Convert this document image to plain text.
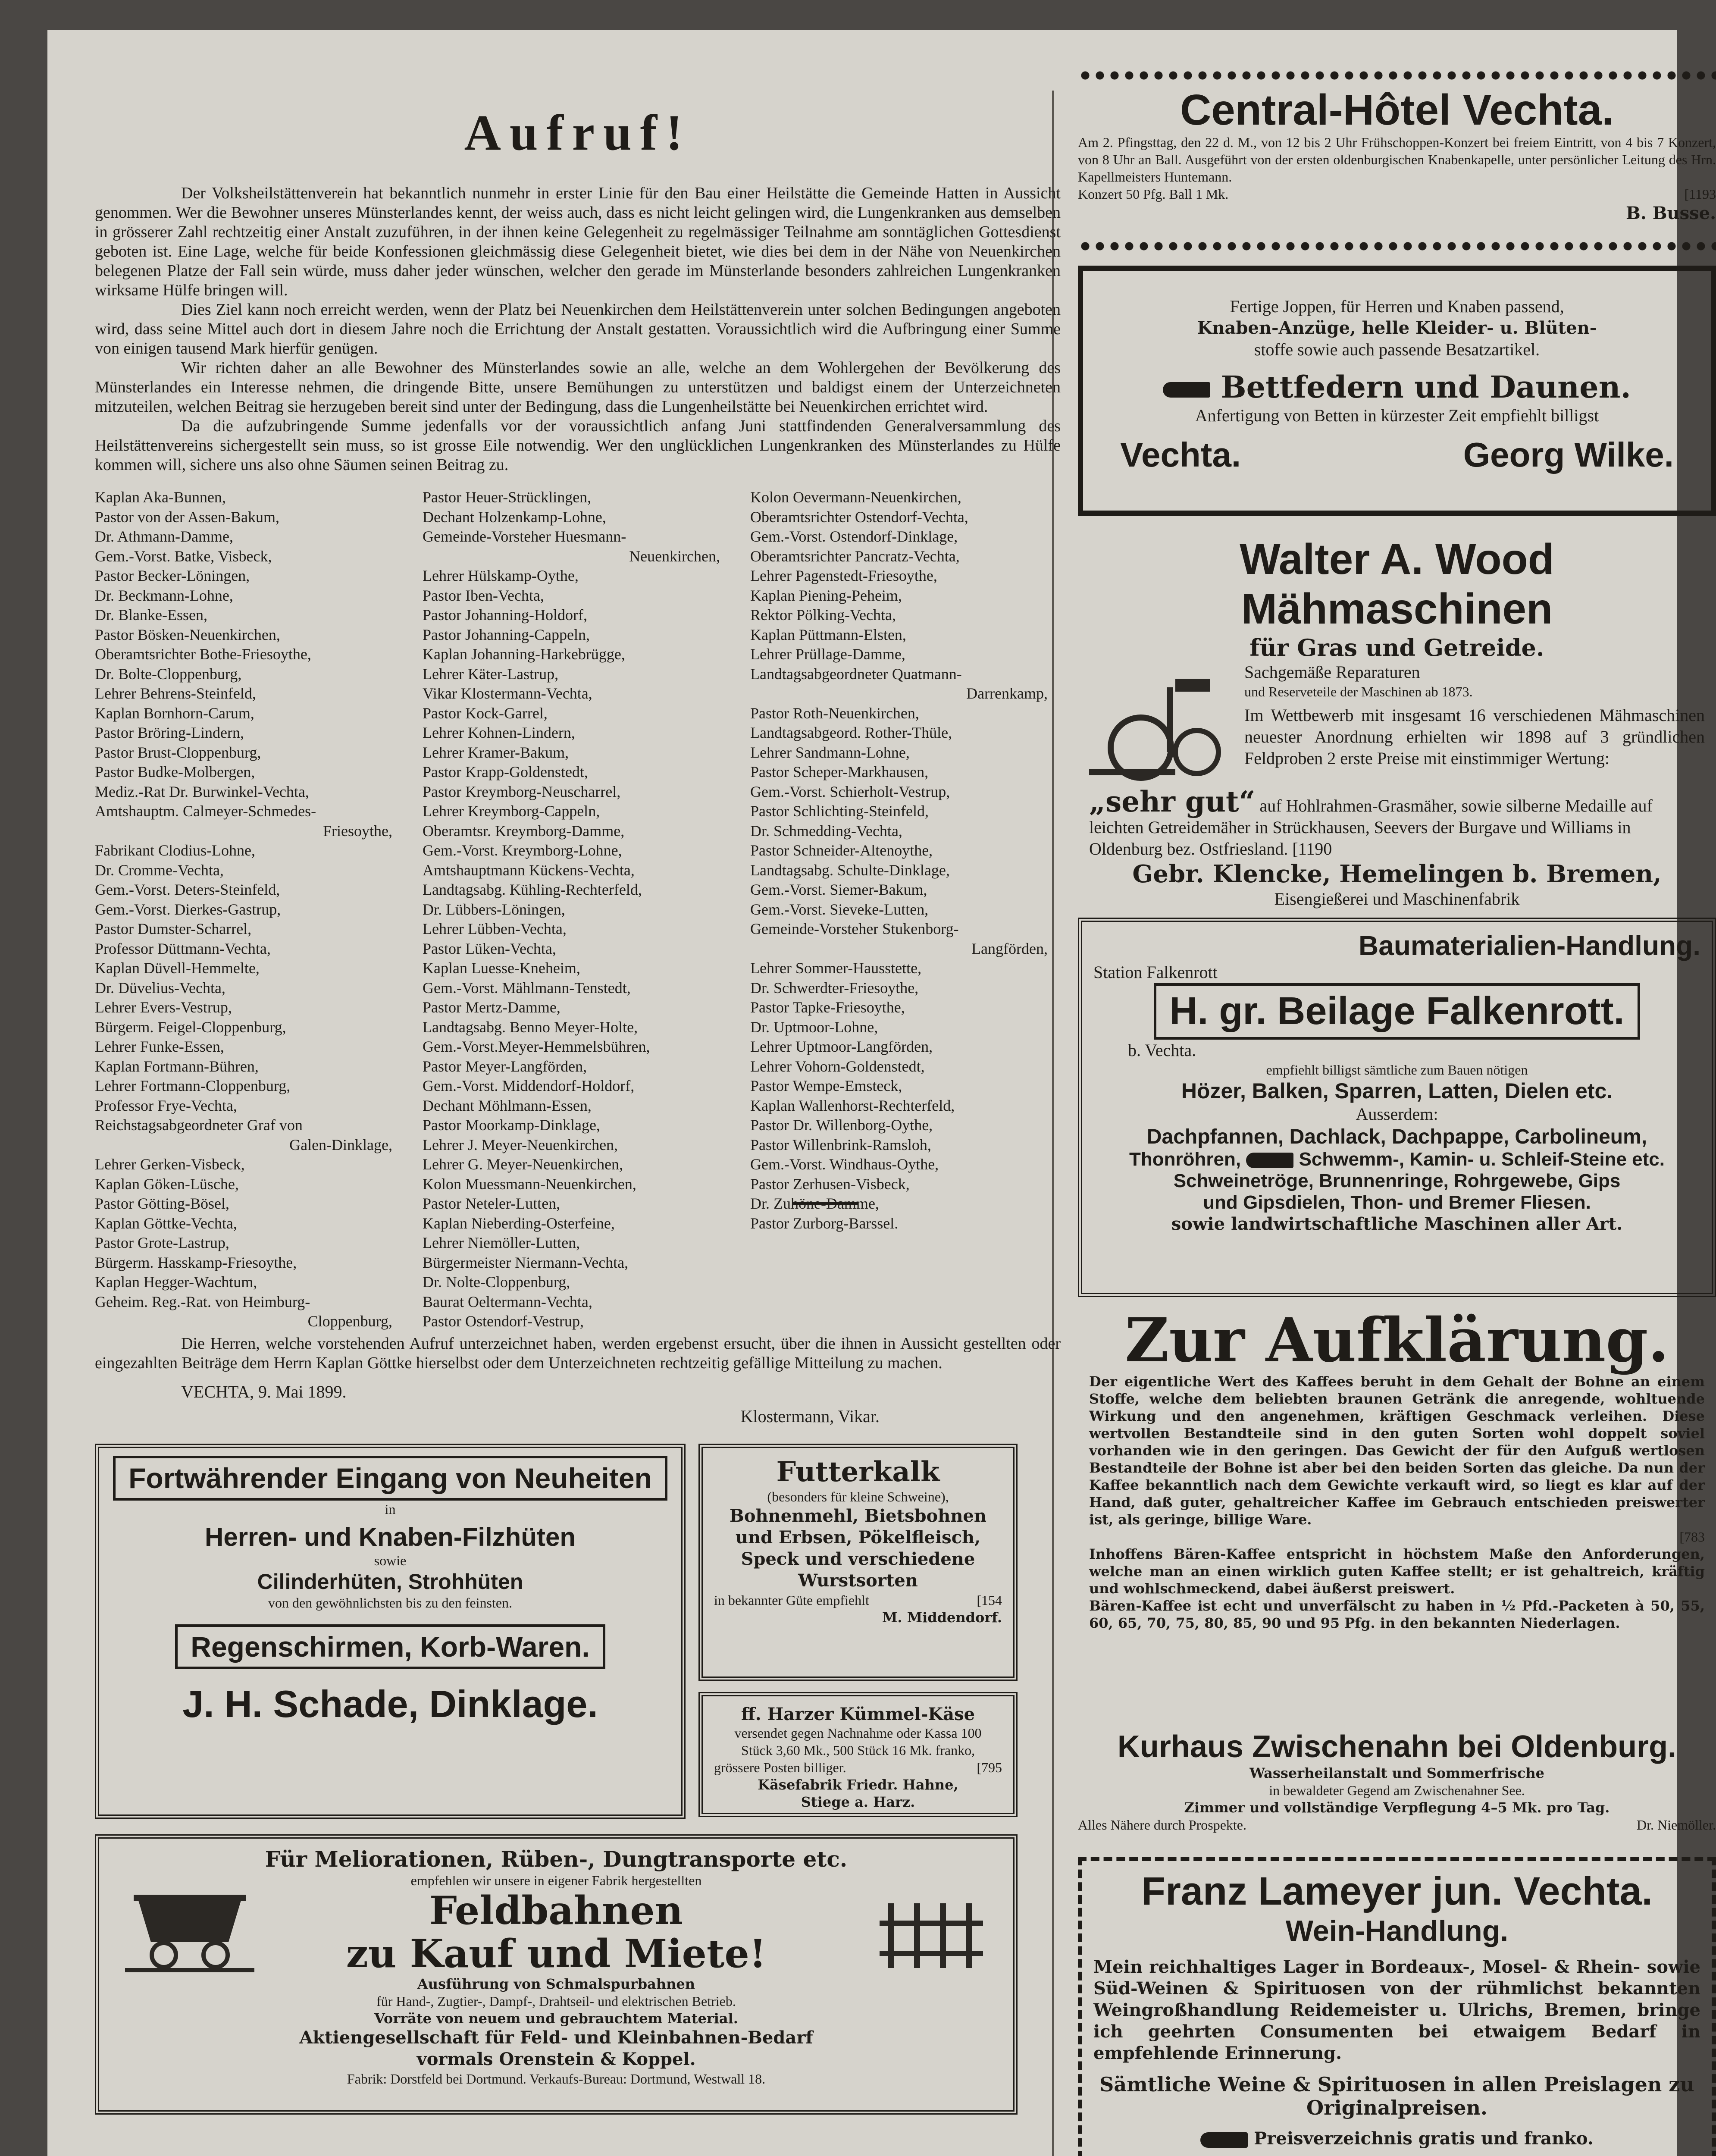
Aufruf!

Der Volksheilstättenverein hat bekanntlich nunmehr in erster Linie für den Bau einer Heilstätte die Gemeinde Hatten in Aussicht genommen. Wer die Bewohner unseres Münsterlandes kennt, der weiss auch, dass es nicht leicht gelingen wird, die Lungenkranken aus demselben in grösserer Zahl rechtzeitig einer Anstalt zuzuführen, in der ihnen keine Gelegenheit zu regelmässiger Teilnahme am sonntäglichen Gottesdienst geboten ist. Eine Lage, welche für beide Konfessionen gleichmässig diese Gelegenheit bietet, wie dies bei dem in der Nähe von Neuenkirchen belegenen Platze der Fall sein würde, muss daher jeder wünschen, welcher den gerade im Münsterlande besonders zahlreichen Lungenkranken wirksame Hülfe bringen will.

Dies Ziel kann noch erreicht werden, wenn der Platz bei Neuenkirchen dem Heilstättenverein unter solchen Bedingungen angeboten wird, dass seine Mittel auch dort in diesem Jahre noch die Errichtung der Anstalt gestatten. Voraussichtlich wird die Aufbringung einer Summe von einigen tausend Mark hierfür genügen.

Wir richten daher an alle Bewohner des Münsterlandes sowie an alle, welche an dem Wohlergehen der Bevölkerung des Münsterlandes ein Interesse nehmen, die dringende Bitte, unsere Bemühungen zu unterstützen und baldigst einem der Unterzeichneten mitzuteilen, welchen Beitrag sie herzugeben bereit sind unter der Bedingung, dass die Lungenheilstätte bei Neuenkirchen errichtet wird.

Da die aufzubringende Summe jedenfalls vor der voraussichtlich anfang Juni stattfindenden Generalversammlung des Heilstättenvereins sichergestellt sein muss, so ist grosse Eile notwendig. Wer den unglücklichen Lungenkranken des Münsterlandes zu Hülfe kommen will, sichere uns also ohne Säumen seinen Beitrag zu.

Kaplan Aka-Bunnen,
Pastor von der Assen-Bakum,
Dr. Athmann-Damme,
Gem.-Vorst. Batke, Visbeck,
Pastor Becker-Löningen,
Dr. Beckmann-Lohne,
Dr. Blanke-Essen,
Pastor Bösken-Neuenkirchen,
Oberamtsrichter Bothe-Friesoythe,
Dr. Bolte-Cloppenburg,
Lehrer Behrens-Steinfeld,
Kaplan Bornhorn-Carum,
Pastor Bröring-Lindern,
Pastor Brust-Cloppenburg,
Pastor Budke-Molbergen,
Mediz.-Rat Dr. Burwinkel-Vechta,
Amtshauptm. Calmeyer-Schmedes-
Friesoythe,
Fabrikant Clodius-Lohne,
Dr. Cromme-Vechta,
Gem.-Vorst. Deters-Steinfeld,
Gem.-Vorst. Dierkes-Gastrup,
Pastor Dumster-Scharrel,
Professor Düttmann-Vechta,
Kaplan Düvell-Hemmelte,
Dr. Düvelius-Vechta,
Lehrer Evers-Vestrup,
Bürgerm. Feigel-Cloppenburg,
Lehrer Funke-Essen,
Kaplan Fortmann-Bühren,
Lehrer Fortmann-Cloppenburg,
Professor Frye-Vechta,
Reichstagsabgeordneter Graf von
Galen-Dinklage,
Lehrer Gerken-Visbeck,
Kaplan Göken-Lüsche,
Pastor Götting-Bösel,
Kaplan Göttke-Vechta,
Pastor Grote-Lastrup,
Bürgerm. Hasskamp-Friesoythe,
Kaplan Hegger-Wachtum,
Geheim. Reg.-Rat. von Heimburg-
Cloppenburg,
Pastor Heuer-Strücklingen,
Dechant Holzenkamp-Lohne,
Gemeinde-Vorsteher Huesmann-
Neuenkirchen,
Lehrer Hülskamp-Oythe,
Pastor Iben-Vechta,
Pastor Johanning-Holdorf,
Pastor Johanning-Cappeln,
Kaplan Johanning-Harkebrügge,
Lehrer Käter-Lastrup,
Vikar Klostermann-Vechta,
Pastor Kock-Garrel,
Lehrer Kohnen-Lindern,
Lehrer Kramer-Bakum,
Pastor Krapp-Goldenstedt,
Pastor Kreymborg-Neuscharrel,
Lehrer Kreymborg-Cappeln,
Oberamtsr. Kreymborg-Damme,
Gem.-Vorst. Kreymborg-Lohne,
Amtshauptmann Kückens-Vechta,
Landtagsabg. Kühling-Rechterfeld,
Dr. Lübbers-Löningen,
Lehrer Lübben-Vechta,
Pastor Lüken-Vechta,
Kaplan Luesse-Kneheim,
Gem.-Vorst. Mählmann-Tenstedt,
Pastor Mertz-Damme,
Landtagsabg. Benno Meyer-Holte,
Gem.-Vorst.Meyer-Hemmelsbühren,
Pastor Meyer-Langförden,
Gem.-Vorst. Middendorf-Holdorf,
Dechant Möhlmann-Essen,
Pastor Moorkamp-Dinklage,
Lehrer J. Meyer-Neuenkirchen,
Lehrer G. Meyer-Neuenkirchen,
Kolon Muessmann-Neuenkirchen,
Pastor Neteler-Lutten,
Kaplan Nieberding-Osterfeine,
Lehrer Niemöller-Lutten,
Bürgermeister Niermann-Vechta,
Dr. Nolte-Cloppenburg,
Baurat Oeltermann-Vechta,
Pastor Ostendorf-Vestrup,
Kolon Oevermann-Neuenkirchen,
Oberamtsrichter Ostendorf-Vechta,
Gem.-Vorst. Ostendorf-Dinklage,
Oberamtsrichter Pancratz-Vechta,
Lehrer Pagenstedt-Friesoythe,
Kaplan Piening-Peheim,
Rektor Pölking-Vechta,
Kaplan Püttmann-Elsten,
Lehrer Prüllage-Damme,
Landtagsabgeordneter Quatmann-
Darrenkamp,
Pastor Roth-Neuenkirchen,
Landtagsabgeord. Rother-Thüle,
Lehrer Sandmann-Lohne,
Pastor Scheper-Markhausen,
Gem.-Vorst. Schierholt-Vestrup,
Pastor Schlichting-Steinfeld,
Dr. Schmedding-Vechta,
Pastor Schneider-Altenoythe,
Landtagsabg. Schulte-Dinklage,
Gem.-Vorst. Siemer-Bakum,
Gem.-Vorst. Sieveke-Lutten,
Gemeinde-Vorsteher Stukenborg-
Langförden,
Lehrer Sommer-Hausstette,
Dr. Schwerdter-Friesoythe,
Pastor Tapke-Friesoythe,
Dr. Uptmoor-Lohne,
Lehrer Uptmoor-Langförden,
Lehrer Vohorn-Goldenstedt,
Pastor Wempe-Emsteck,
Kaplan Wallenhorst-Rechterfeld,
Pastor Dr. Willenborg-Oythe,
Pastor Willenbrink-Ramsloh,
Gem.-Vorst. Windhaus-Oythe,
Pastor Zerhusen-Visbeck,
Dr. Zuhöne-Damme,
Pastor Zurborg-Barssel.

Die Herren, welche vorstehenden Aufruf unterzeichnet haben, werden ergebenst ersucht, über die ihnen in Aussicht gestellten oder eingezahlten Beiträge dem Herrn Kaplan Göttke hierselbst oder dem Unterzeichneten rechtzeitig gefällige Mitteilung zu machen.

VECHTA, 9. Mai 1899.
Klostermann, Vikar.
Fortwährender Eingang von Neuheiten
in
Herren- und Knaben-Filzhüten
sowie
Cilinderhüten, Strohhüten
von den gewöhnlichsten bis zu den feinsten.
Regenschirmen, Korb-Waren.
J. H. Schade, Dinklage.
Futterkalk
(besonders für kleine Schweine),
Bohnenmehl, Bietsbohnen
und Erbsen, Pökelfleisch,
Speck und verschiedene
Wurstsorten
in bekannter Güte empfiehlt	[154
M. Middendorf.
ff. Harzer Kümmel-Käse
versendet gegen Nachnahme oder Kassa 100
Stück 3,60 Mk., 500 Stück 16 Mk. franko,
grössere Posten billiger.	[795
Käsefabrik Friedr. Hahne,
Stiege a. Harz.
Für Meliorationen, Rüben-, Dungtransporte etc.
empfehlen wir unsere in eigener Fabrik hergestellten
Feldbahnen
zu Kauf und Miete!
Ausführung von Schmalspurbahnen
für Hand-, Zugtier-, Dampf-, Drahtseil- und elektrischen Betrieb.
Vorräte von neuem und gebrauchtem Material.
Aktiengesellschaft für Feld- und Kleinbahnen-Bedarf
vormals Orenstein & Koppel.
Fabrik: Dorstfeld bei Dortmund. Verkaufs-Bureau: Dortmund, Westwall 18.
Central-Hôtel Vechta.
Am 2. Pfingsttag, den 22 d. M., von 12 bis 2 Uhr Frühschoppen-Konzert bei freiem Eintritt, von 4 bis 7 Konzert, von 8 Uhr an Ball. Ausgeführt von der ersten oldenburgischen Knabenkapelle, unter persönlicher Leitung des Hrn. Kapellmeisters Huntemann.
Konzert 50 Pfg. Ball 1 Mk.	[1193
B. Busse.
Fertige Joppen, für Herren und Knaben passend,
Knaben-Anzüge, helle Kleider- u. Blüten-
stoffe sowie auch passende Besatzartikel.
Bettfedern und Daunen.
Anfertigung von Betten in kürzester Zeit empfiehlt billigst
Vechta.	Georg Wilke.
Walter A. Wood Mähmaschinen
für Gras und Getreide.
Sachgemäße Reparaturen
und Reserveteile der Maschinen ab 1873.
Im Wettbewerb mit insgesamt 16 verschiedenen Mähmaschinen neuester Anordnung erhielten wir 1898 auf 3 gründlichen Feldproben 2 erste Preise mit einstimmiger Wertung:
„sehr gut“ auf Hohlrahmen-Grasmäher, sowie silberne Medaille auf leichten Getreidemäher in Strückhausen, Seevers der Burgave und Williams in Oldenburg bez. Ostfriesland. [1190
Gebr. Klencke, Hemelingen b. Bremen,
Eisengießerei und Maschinenfabrik
Baumaterialien-Handlung.
Station Falkenrott
H. gr. Beilage Falkenrott.
b. Vechta.
empfiehlt billigst sämtliche zum Bauen nötigen
Hözer, Balken, Sparren, Latten, Dielen etc.
Ausserdem:
Dachpfannen, Dachlack, Dachpappe, Carbolineum,
Thonröhren,	Schwemm-, Kamin- u. Schleif-Steine etc.
Schweinetröge, Brunnenringe, Rohrgewebe, Gips
und Gipsdielen, Thon- und Bremer Fliesen.
sowie landwirtschaftliche Maschinen aller Art.
Zur Aufklärung.
Der eigentliche Wert des Kaffees beruht in dem Gehalt der Bohne an einem Stoffe, welche dem beliebten braunen Getränk die anregende, wohltuende Wirkung und den angenehmen, kräftigen Geschmack verleihen. Diese wertvollen Bestandteile sind in den guten Sorten wohl doppelt soviel vorhanden wie in den geringen. Das Gewicht der für den Aufguß wertlosen Bestandteile der Bohne ist aber bei den beiden Sorten das gleiche. Da nun der Kaffee bekanntlich nach dem Gewichte verkauft wird, so liegt es klar auf der Hand, daß guter, gehaltreicher Kaffee im Gebrauch entschieden preiswerter ist, als geringe, billige Ware.
[783
Inhoffens Bären-Kaffee entspricht in höchstem Maße den Anforderungen, welche man an einen wirklich guten Kaffee stellt; er ist gehaltreich, kräftig und wohlschmeckend, dabei äußerst preiswert.
Bären-Kaffee ist echt und unverfälscht zu haben in ½ Pfd.-Packeten à 50, 55, 60, 65, 70, 75, 80, 85, 90 und 95 Pfg. in den bekannten Niederlagen.
Kurhaus Zwischenahn bei Oldenburg.
Wasserheilanstalt und Sommerfrische
in bewaldeter Gegend am Zwischenahner See.
Zimmer und vollständige Verpflegung 4–5 Mk. pro Tag.
Alles Nähere durch Prospekte.	Dr. Niemöller.
Franz Lameyer jun. Vechta.
Wein-Handlung.
Mein reichhaltiges Lager in Bordeaux-, Mosel- & Rhein- sowie Süd-Weinen & Spirituosen von der rühmlichst bekannten Weingroßhandlung Reidemeister u. Ulrichs, Bremen, bringe ich geehrten Consumenten bei etwaigem Bedarf in empfehlende Erinnerung.
Sämtliche Weine & Spirituosen in allen Preislagen zu Originalpreisen.
Preisverzeichnis gratis und franko.
